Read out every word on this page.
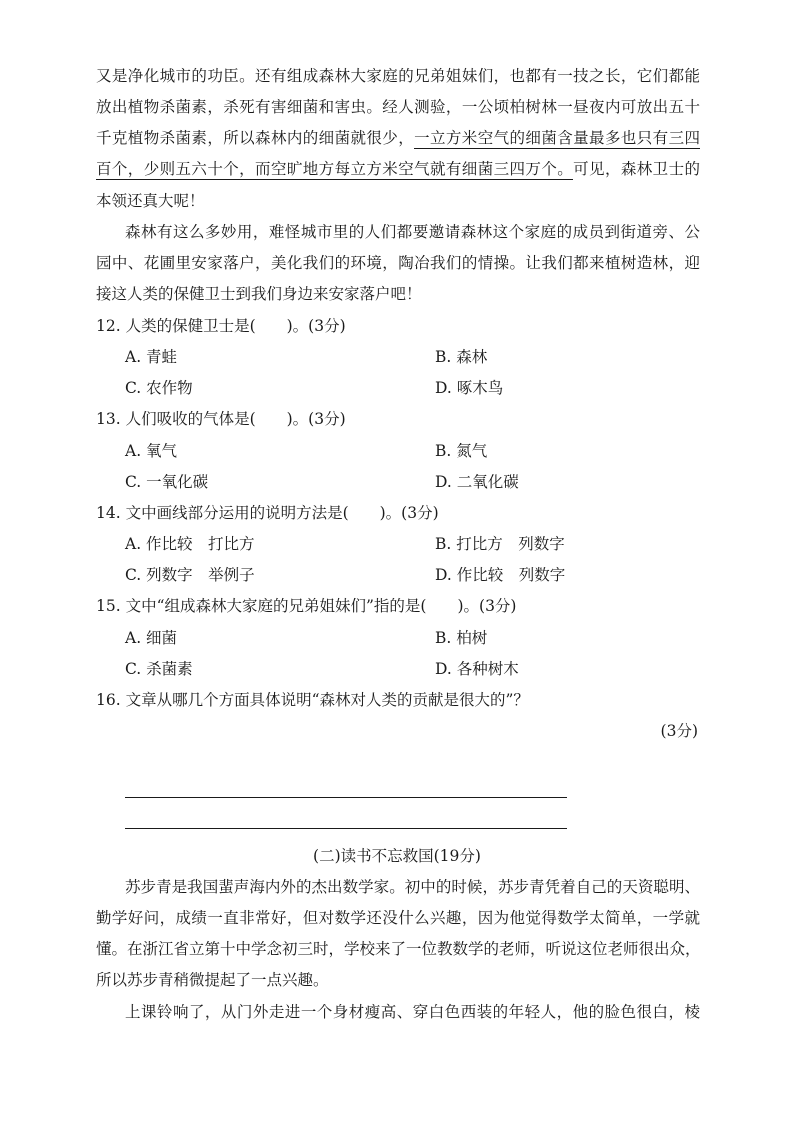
又是净化城市的功臣。还有组成森林大家庭的兄弟姐妹们，也都有一技之长，它们都能
放出植物杀菌素，杀死有害细菌和害虫。经人测验，一公顷柏树林一昼夜内可放出五十
千克植物杀菌素，所以森林内的细菌就很少，一立方米空气的细菌含量最多也只有三四
百个，少则五六十个，而空旷地方每立方米空气就有细菌三四万个。可见，森林卫士的
本领还真大呢！
森林有这么多妙用，难怪城市里的人们都要邀请森林这个家庭的成员到街道旁、公
园中、花圃里安家落户，美化我们的环境，陶冶我们的情操。让我们都来植树造林，迎
接这人类的保健卫士到我们身边来安家落户吧！
12. 人类的保健卫士是(　　)。(3分)
A. 青蛙	B. 森林
C. 农作物	D. 啄木鸟
13. 人们吸收的气体是(　　)。(3分)
A. 氧气	B. 氮气
C. 一氧化碳	D. 二氧化碳
14. 文中画线部分运用的说明方法是(　　)。(3分)
A. 作比较　打比方	B. 打比方　列数字
C. 列数字　举例子	D. 作比较　列数字
15. 文中“组成森林大家庭的兄弟姐妹们”指的是(　　)。(3分)
A. 细菌	B. 柏树
C. 杀菌素	D. 各种树木
16. 文章从哪几个方面具体说明“森林对人类的贡献是很大的”？
(3分)
(二)读书不忘救国(19分)
苏步青是我国蜚声海内外的杰出数学家。初中的时候，苏步青凭着自己的天资聪明、
勤学好问，成绩一直非常好，但对数学还没什么兴趣，因为他觉得数学太简单，一学就
懂。在浙江省立第十中学念初三时，学校来了一位教数学的老师，听说这位老师很出众，
所以苏步青稍微提起了一点兴趣。
上课铃响了，从门外走进一个身材瘦高、穿白色西装的年轻人，他的脸色很白，棱
